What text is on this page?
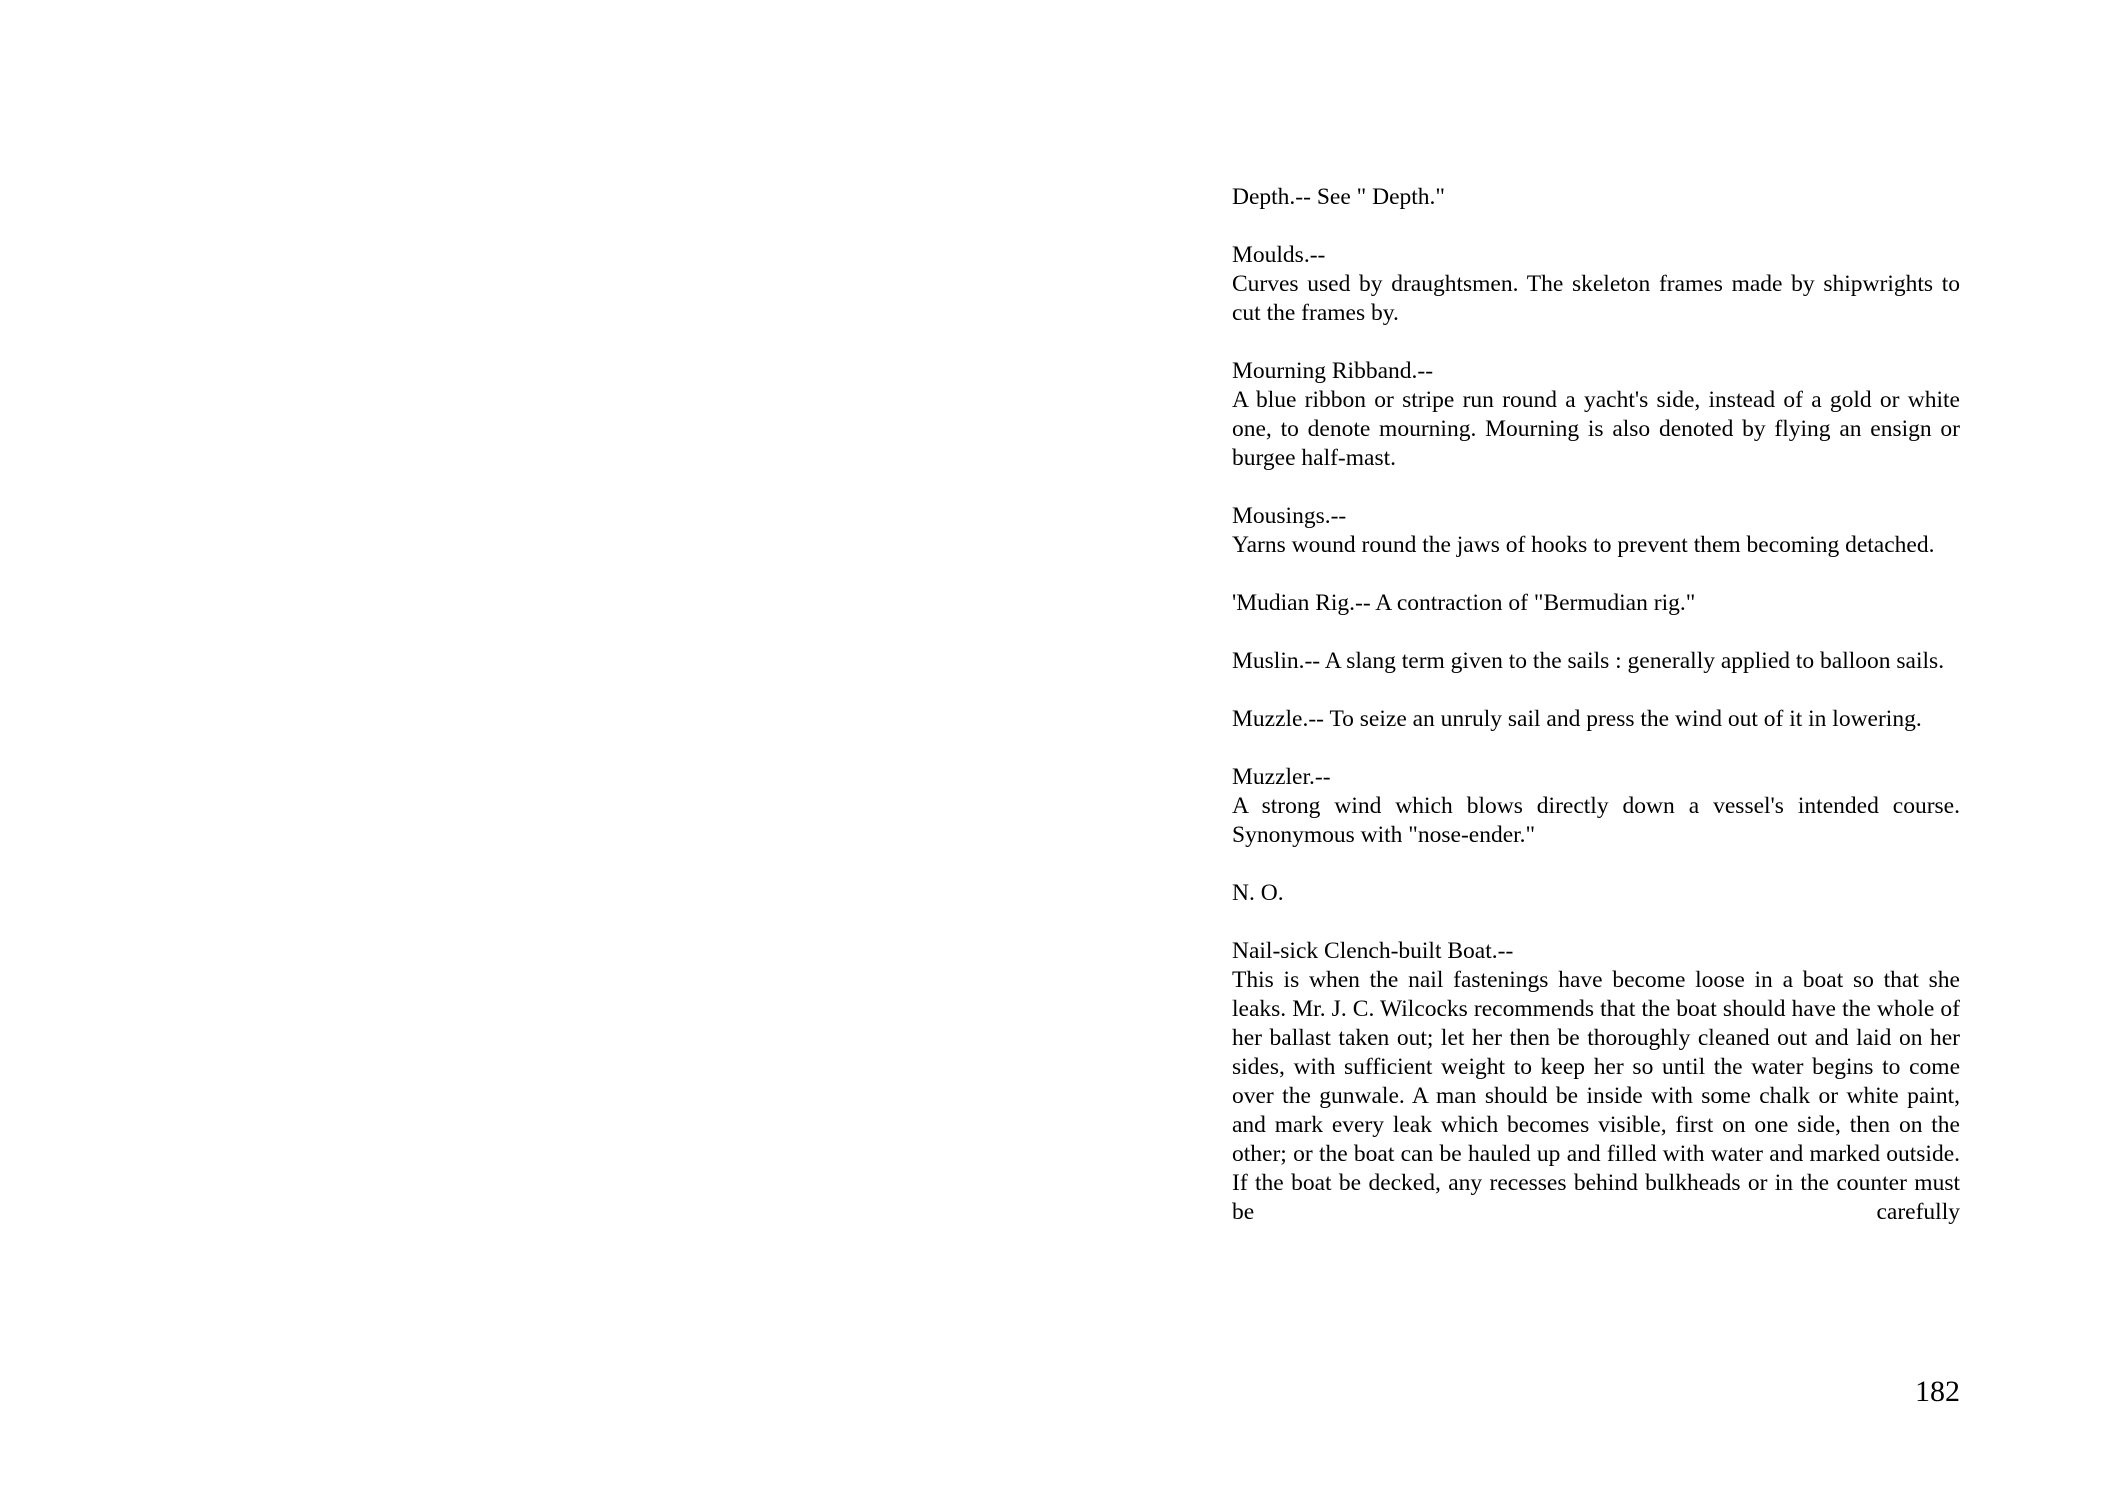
Depth.-- See " Depth."

Moulds.--

Curves used by draughtsmen. The skeleton frames made by shipwrights to cut the frames by.

Mourning Ribband.--

A blue ribbon or stripe run round a yacht's side, instead of a gold or white one, to denote mourning. Mourning is also denoted by flying an ensign or burgee half-mast.

Mousings.--

Yarns wound round the jaws of hooks to prevent them becoming detached.

'Mudian Rig.-- A contraction of "Bermudian rig."

Muslin.-- A slang term given to the sails : generally applied to balloon sails.

Muzzle.-- To seize an unruly sail and press the wind out of it in lowering.

Muzzler.--

A strong wind which blows directly down a vessel's intended course. Synonymous with "nose-ender."

N. O.

Nail-sick Clench-built Boat.--

This is when the nail fastenings have become loose in a boat so that she leaks. Mr. J. C. Wilcocks recommends that the boat should have the whole of her ballast taken out; let her then be thoroughly cleaned out and laid on her sides, with sufficient weight to keep her so until the water begins to come over the gunwale. A man should be inside with some chalk or white paint, and mark every leak which becomes visible, first on one side, then on the other; or the boat can be hauled up and filled with water and marked outside. If the boat be decked, any recesses behind bulkheads or in the counter must be carefully

182
